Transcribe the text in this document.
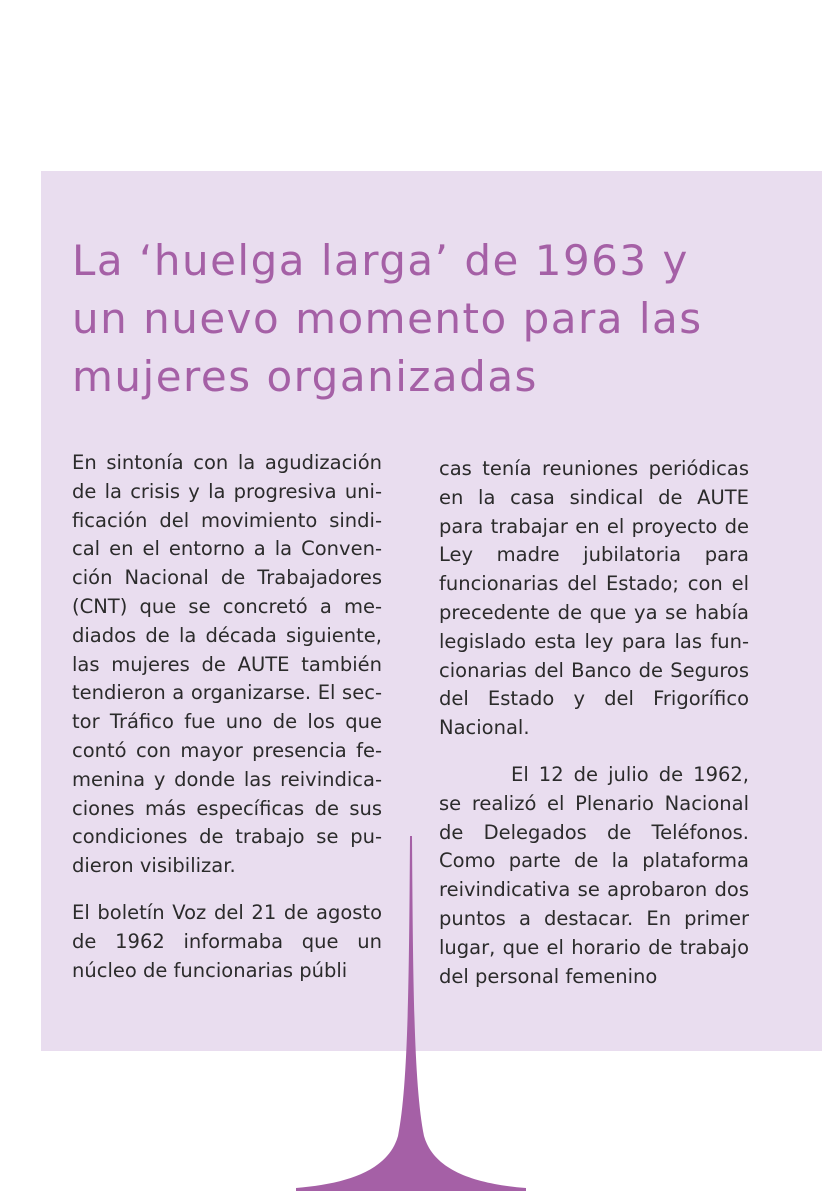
La ‘huelga larga’ de 1963 y un nuevo momento para las mujeres organizadas

En sintonía con la agudización de la crisis y la progresiva unificación del movimiento sindical en el entorno a la Convención Nacional de Trabajadores (CNT) que se concretó a mediados de la década siguiente, las mujeres de AUTE también tendieron a organizarse. El sector Tráfico fue uno de los que contó con mayor presencia femenina y donde las reivindicaciones más específicas de sus condiciones de trabajo se pudieron visibilizar.

El boletín Voz del 21 de agosto de 1962 informaba que un núcleo de funcionarias públi

cas tenía reuniones periódicas en la casa sindical de AUTE para trabajar en el proyecto de Ley madre jubilatoria para funcionarias del Estado; con el precedente de que ya se había legislado esta ley para las funcionarias del Banco de Seguros del Estado y del Frigorífico Nacional.

El 12 de julio de 1962, se realizó el Plenario Nacional de Delegados de Teléfonos. Como parte de la plataforma reivindicativa se aprobaron dos puntos a destacar. En primer lugar, que el horario de trabajo del personal femenino
